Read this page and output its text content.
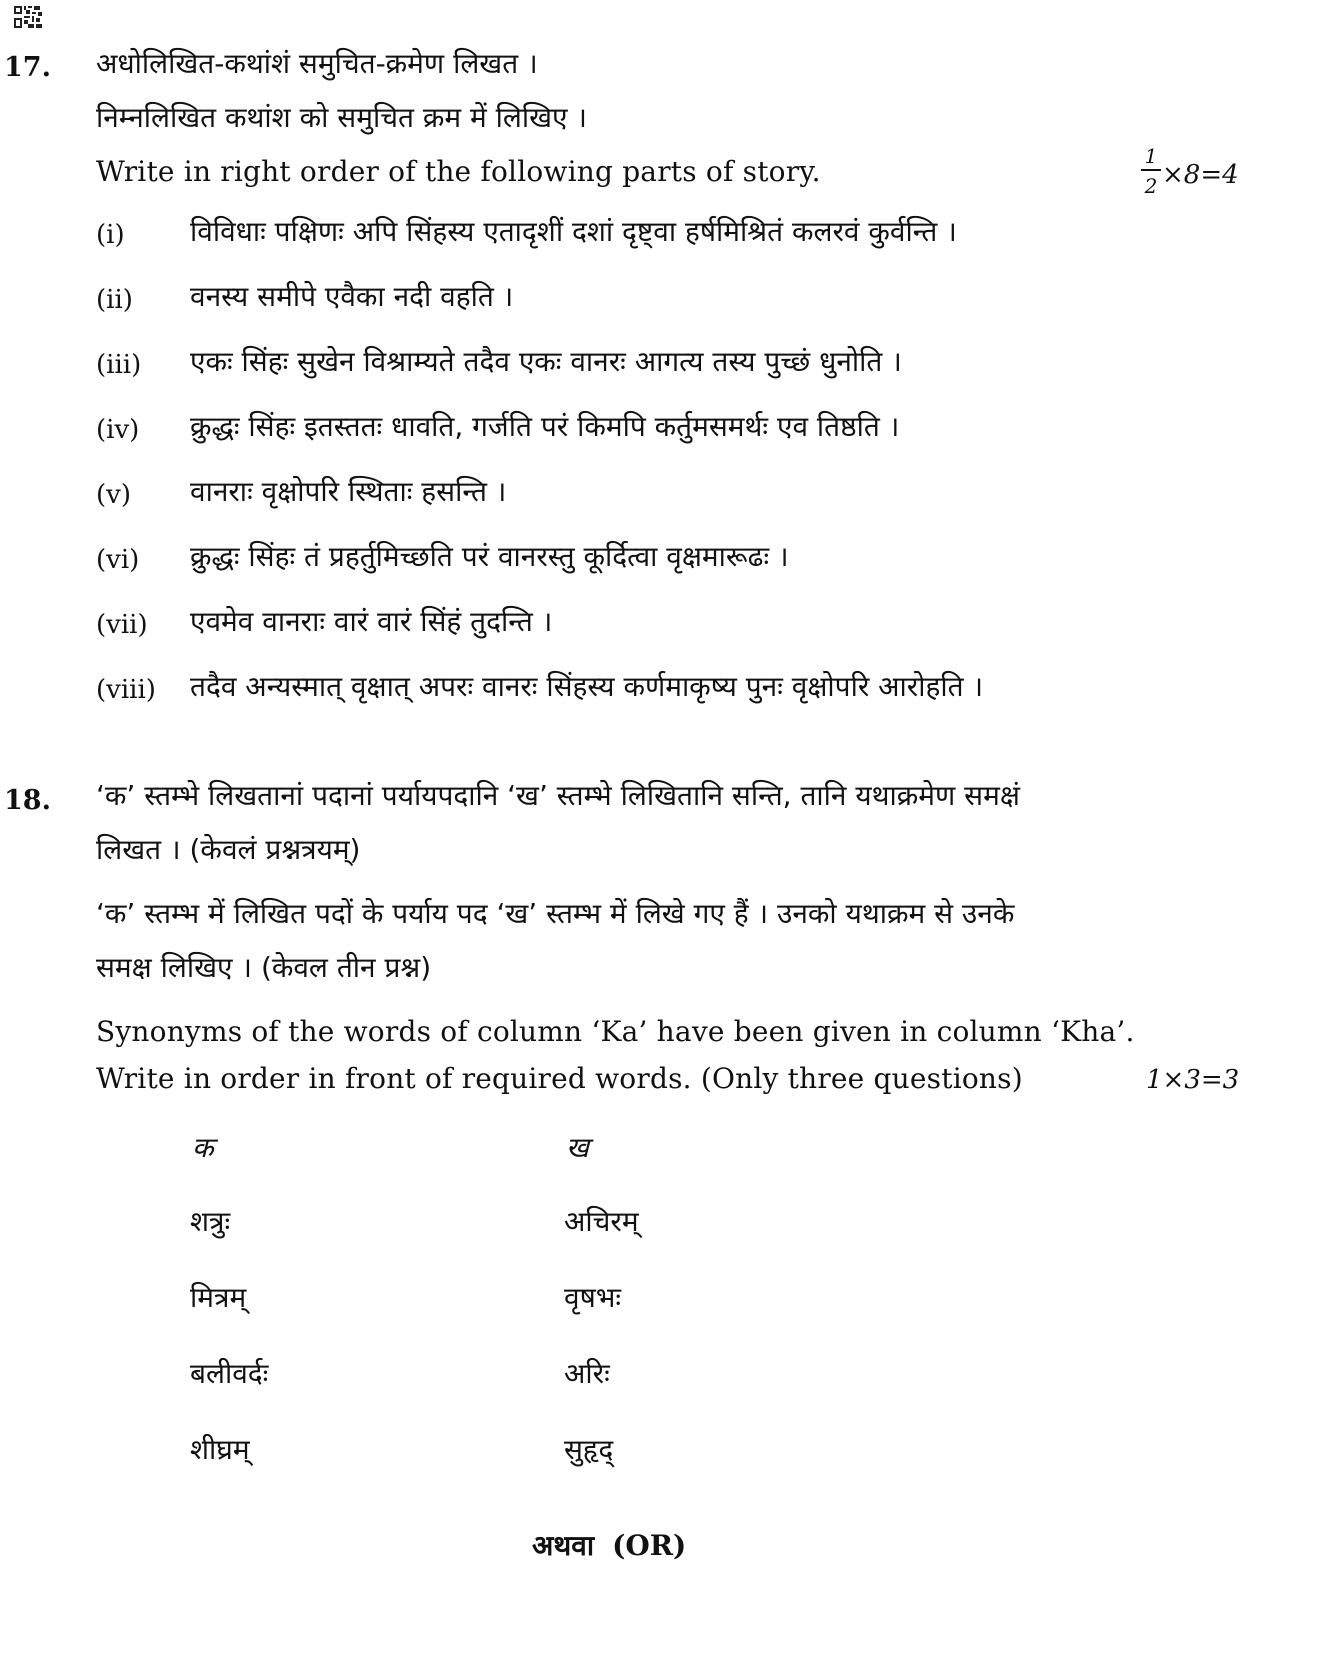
17. अधोलिखित-कथांशं समुचित-क्रमेण लिखत ।
निम्नलिखित कथांश को समुचित क्रम में लिखिए ।
Write in right order of the following parts of story.	1
2 ×8=4
(i) विविधाः पक्षिणः अपि सिंहस्य एतादृशीं दशां दृष्ट्वा हर्षमिश्रितं कलरवं कुर्वन्ति ।
(ii) वनस्य समीपे एवैका नदी वहति ।
(iii) एकः सिंहः सुखेन विश्राम्यते तदैव एकः वानरः आगत्य तस्य पुच्छं धुनोति ।
(iv) क्रुद्धः सिंहः इतस्ततः धावति, गर्जति परं किमपि कर्तुमसमर्थः एव तिष्ठति ।
(v) वानराः वृक्षोपरि स्थिताः हसन्ति ।
(vi) क्रुद्धः सिंहः तं प्रहर्तुमिच्छति परं वानरस्तु कूर्दित्वा वृक्षमारूढः ।
(vii) एवमेव वानराः वारं वारं सिंहं तुदन्ति ।
(viii) तदैव अन्यस्मात् वृक्षात् अपरः वानरः सिंहस्य कर्णमाकृष्य पुनः वृक्षोपरि आरोहति ।
18. ‘क’ स्तम्भे लिखतानां पदानां पर्यायपदानि ‘ख’ स्तम्भे लिखितानि सन्ति, तानि यथाक्रमेण समक्षं
लिखत । (केवलं प्रश्नत्रयम्)
‘क’ स्तम्भ में लिखित पदों के पर्याय पद ‘ख’ स्तम्भ में लिखे गए हैं । उनको यथाक्रम से उनके
समक्ष लिखिए । (केवल तीन प्रश्न)
Synonyms of the words of column ‘Ka’ have been given in column ‘Kha’.
Write in order in front of required words. (Only three questions)	1×3=3
क	ख
शत्रुः	अचिरम्
मित्रम्	वृषभः
बलीवर्दः	अरिः
शीघ्रम्	सुहृद्
अथवा (OR)
